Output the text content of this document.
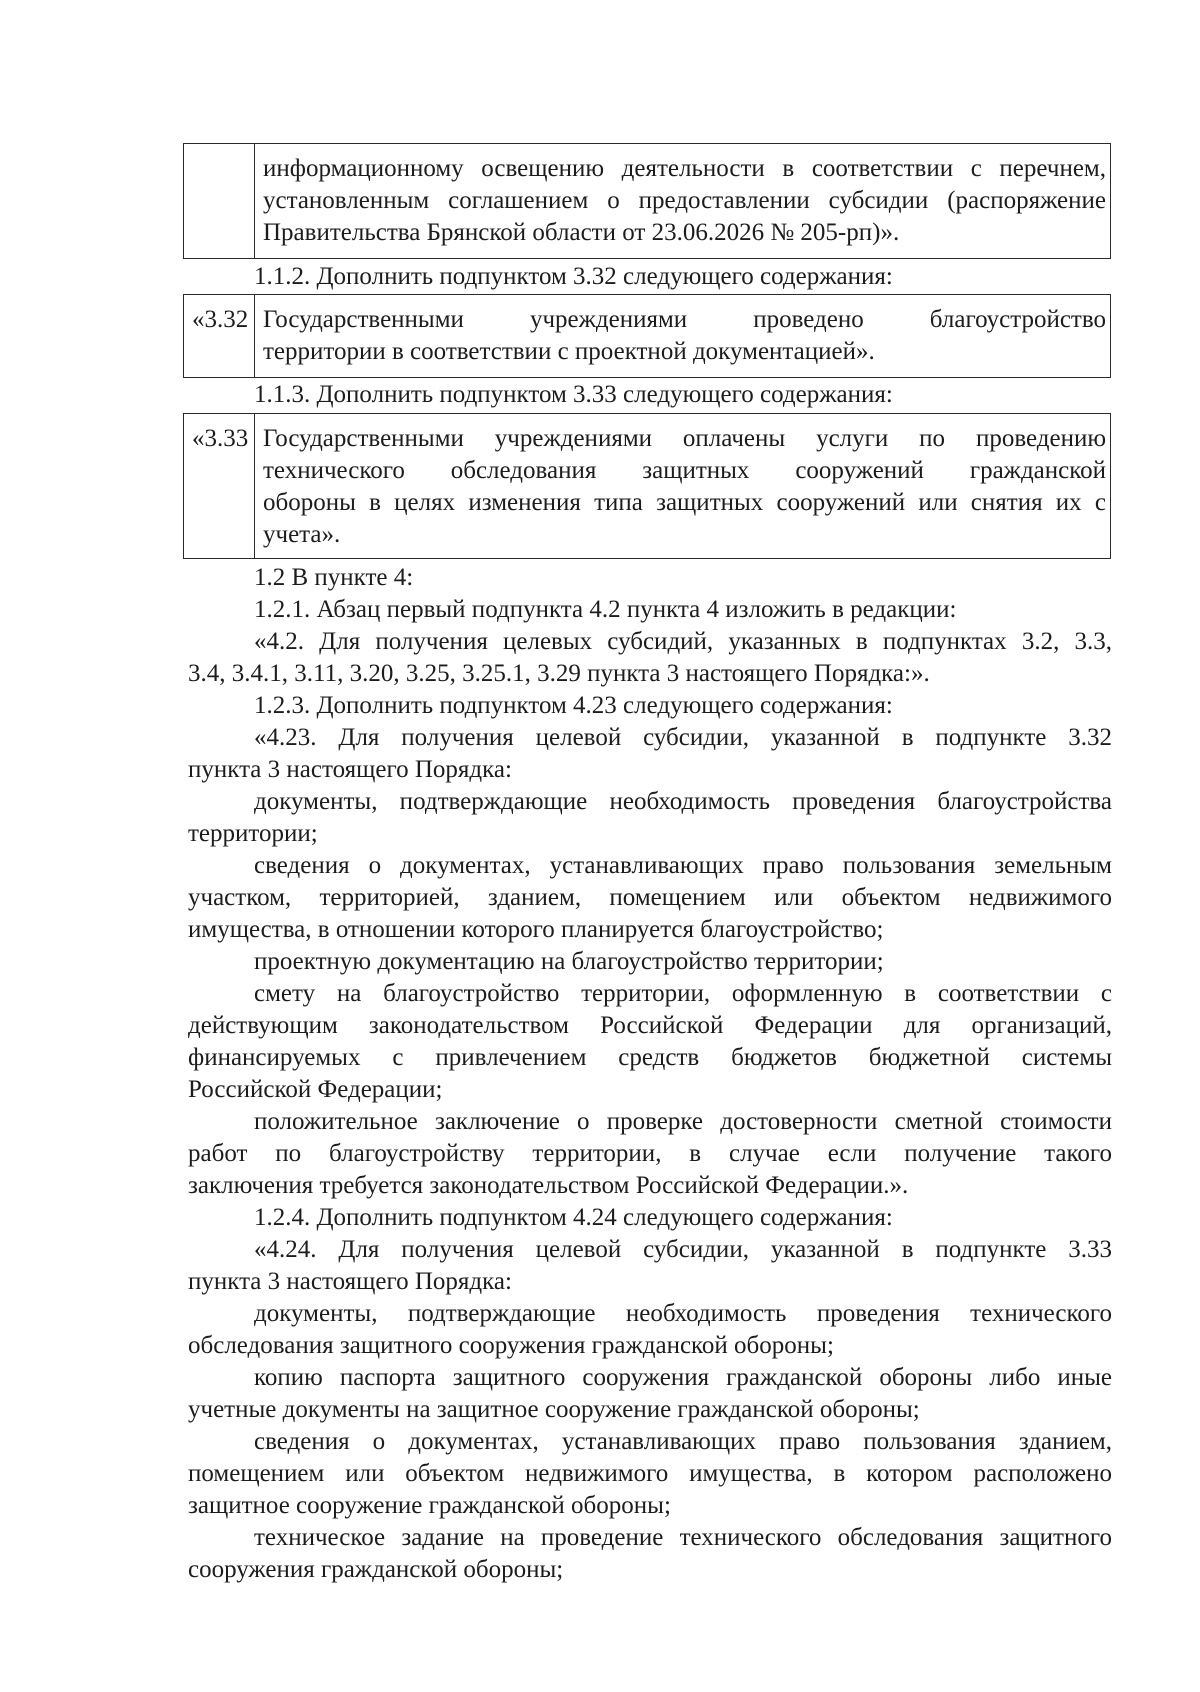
информационному освещению деятельности в соответствии с перечнем,
установленным соглашением о предоставлении субсидии (распоряжение
Правительства Брянской области от 23.06.2026 № 205-рп)».
1.1.2. Дополнить подпунктом 3.32 следующего содержания:
«3.32 Государственными учреждениями проведено благоустройство
территории в соответствии с проектной документацией».
1.1.3. Дополнить подпунктом 3.33 следующего содержания:
«3.33 Государственными учреждениями оплачены услуги по проведению
технического обследования защитных сооружений гражданской
обороны в целях изменения типа защитных сооружений или снятия их с
учета».
1.2 В пункте 4:
1.2.1. Абзац первый подпункта 4.2 пункта 4 изложить в редакции:
«4.2. Для получения целевых субсидий, указанных в подпунктах 3.2, 3.3,
3.4, 3.4.1, 3.11, 3.20, 3.25, 3.25.1, 3.29 пункта 3 настоящего Порядка:».
1.2.3. Дополнить подпунктом 4.23 следующего содержания:
«4.23. Для получения целевой субсидии, указанной в подпункте 3.32
пункта 3 настоящего Порядка:
документы, подтверждающие необходимость проведения благоустройства
территории;
сведения о документах, устанавливающих право пользования земельным
участком, территорией, зданием, помещением или объектом недвижимого
имущества, в отношении которого планируется благоустройство;
проектную документацию на благоустройство территории;
смету на благоустройство территории, оформленную в соответствии с
действующим законодательством Российской Федерации для организаций,
финансируемых с привлечением средств бюджетов бюджетной системы
Российской Федерации;
положительное заключение о проверке достоверности сметной стоимости
работ по благоустройству территории, в случае если получение такого
заключения требуется законодательством Российской Федерации.».
1.2.4. Дополнить подпунктом 4.24 следующего содержания:
«4.24. Для получения целевой субсидии, указанной в подпункте 3.33
пункта 3 настоящего Порядка:
документы, подтверждающие необходимость проведения технического
обследования защитного сооружения гражданской обороны;
копию паспорта защитного сооружения гражданской обороны либо иные
учетные документы на защитное сооружение гражданской обороны;
сведения о документах, устанавливающих право пользования зданием,
помещением или объектом недвижимого имущества, в котором расположено
защитное сооружение гражданской обороны;
техническое задание на проведение технического обследования защитного
сооружения гражданской обороны;
